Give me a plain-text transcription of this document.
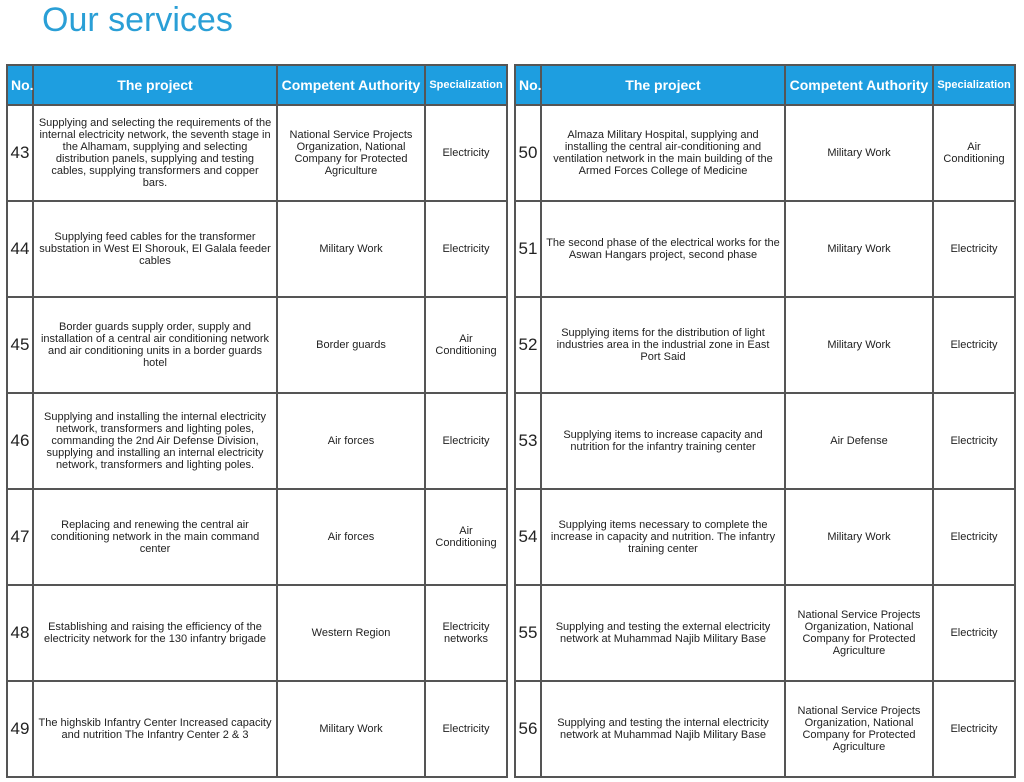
Our services
No.	The project	Competent Authority	Specialization
43	Supplying and selecting the requirements of the internal electricity network, the seventh stage in the Alhamam, supplying and selecting distribution panels, supplying and testing cables, supplying transformers and copper bars.	National Service Projects Organization, National Company for Protected Agriculture	Electricity
44	Supplying feed cables for the transformer substation in West El Shorouk, El Galala feeder cables	Military Work	Electricity
45	Border guards supply order, supply and installation of a central air conditioning network and air conditioning units in a border guards hotel	Border guards	Air Conditioning
46	Supplying and installing the internal electricity network, transformers and lighting poles, commanding the 2nd Air Defense Division, supplying and installing an internal electricity network, transformers and lighting poles.	Air forces	Electricity
47	Replacing and renewing the central air conditioning network in the main command center	Air forces	Air Conditioning
48	Establishing and raising the efficiency of the electricity network for the 130 infantry brigade	Western Region	Electricity networks
49	The highskib Infantry Center Increased capacity and nutrition The Infantry Center 2 & 3	Military Work	Electricity
No.	The project	Competent Authority	Specialization
50	Almaza Military Hospital, supplying and installing the central air-conditioning and ventilation network in the main building of the Armed Forces College of Medicine	Military Work	Air Conditioning
51	The second phase of the electrical works for the Aswan Hangars project, second phase	Military Work	Electricity
52	Supplying items for the distribution of light industries area in the industrial zone in East Port Said	Military Work	Electricity
53	Supplying items to increase capacity and nutrition for the infantry training center	Air Defense	Electricity
54	Supplying items necessary to complete the increase in capacity and nutrition. The infantry training center	Military Work	Electricity
55	Supplying and testing the external electricity network at Muhammad Najib Military Base	National Service Projects Organization, National Company for Protected Agriculture	Electricity
56	Supplying and testing the internal electricity network at Muhammad Najib Military Base	National Service Projects Organization, National Company for Protected Agriculture	Electricity
